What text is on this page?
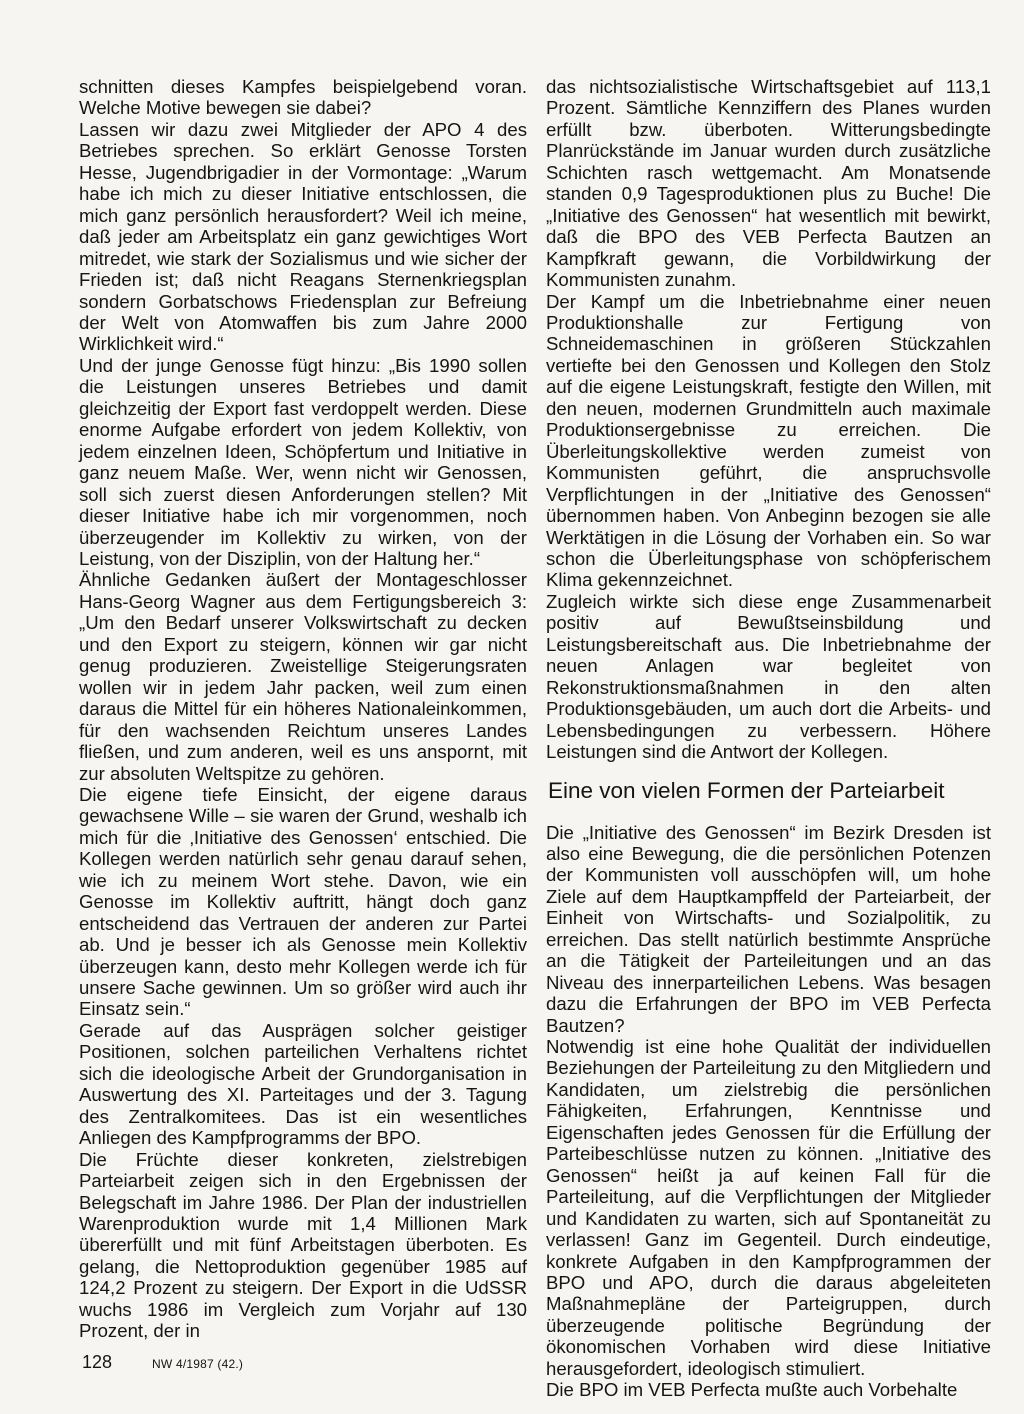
schnitten dieses Kampfes beispielgebend voran. Welche Motive bewegen sie dabei?

Lassen wir dazu zwei Mitglieder der APO 4 des Betriebes sprechen. So erklärt Genosse Torsten Hesse, Jugendbrigadier in der Vormontage: „Warum habe ich mich zu dieser Initiative entschlossen, die mich ganz persönlich herausfordert? Weil ich meine, daß jeder am Arbeitsplatz ein ganz gewichtiges Wort mitredet, wie stark der Sozialismus und wie sicher der Frieden ist; daß nicht Reagans Sternenkriegsplan sondern Gorbatschows Friedensplan zur Befreiung der Welt von Atomwaffen bis zum Jahre 2000 Wirklichkeit wird.“

Und der junge Genosse fügt hinzu: „Bis 1990 sollen die Leistungen unseres Betriebes und damit gleichzeitig der Export fast verdoppelt werden. Diese enorme Aufgabe erfordert von jedem Kollektiv, von jedem einzelnen Ideen, Schöpfertum und Initiative in ganz neuem Maße. Wer, wenn nicht wir Genossen, soll sich zuerst diesen Anforderungen stellen? Mit dieser Initiative habe ich mir vorgenommen, noch überzeugender im Kollektiv zu wirken, von der Leistung, von der Disziplin, von der Haltung her.“

Ähnliche Gedanken äußert der Montageschlosser Hans-Georg Wagner aus dem Fertigungsbereich 3: „Um den Bedarf unserer Volkswirtschaft zu decken und den Export zu steigern, können wir gar nicht genug produzieren. Zweistellige Steigerungsraten wollen wir in jedem Jahr packen, weil zum einen daraus die Mittel für ein höheres Nationaleinkommen, für den wachsenden Reichtum unseres Landes fließen, und zum anderen, weil es uns anspornt, mit zur absoluten Weltspitze zu gehören.

Die eigene tiefe Einsicht, der eigene daraus gewachsene Wille – sie waren der Grund, weshalb ich mich für die ‚Initiative des Genossen‘ entschied. Die Kollegen werden natürlich sehr genau darauf sehen, wie ich zu meinem Wort stehe. Davon, wie ein Genosse im Kollektiv auftritt, hängt doch ganz entscheidend das Vertrauen der anderen zur Partei ab. Und je besser ich als Genosse mein Kollektiv überzeugen kann, desto mehr Kollegen werde ich für unsere Sache gewinnen. Um so größer wird auch ihr Einsatz sein.“

Gerade auf das Ausprägen solcher geistiger Positionen, solchen parteilichen Verhaltens richtet sich die ideologische Arbeit der Grundorganisation in Auswertung des XI. Parteitages und der 3. Tagung des Zentralkomitees. Das ist ein wesentliches Anliegen des Kampfprogramms der BPO.

Die Früchte dieser konkreten, zielstrebigen Parteiarbeit zeigen sich in den Ergebnissen der Belegschaft im Jahre 1986. Der Plan der industriellen Warenproduktion wurde mit 1,4 Millionen Mark übererfüllt und mit fünf Arbeitstagen überboten. Es gelang, die Nettoproduktion gegenüber 1985 auf 124,2 Prozent zu steigern. Der Export in die UdSSR wuchs 1986 im Vergleich zum Vorjahr auf 130 Prozent, der in

das nichtsozialistische Wirtschaftsgebiet auf 113,1 Prozent. Sämtliche Kennziffern des Planes wurden erfüllt bzw. überboten. Witterungsbedingte Planrückstände im Januar wurden durch zusätzliche Schichten rasch wettgemacht. Am Monatsende standen 0,9 Tagesproduktionen plus zu Buche! Die „Initiative des Genossen“ hat wesentlich mit bewirkt, daß die BPO des VEB Perfecta Bautzen an Kampfkraft gewann, die Vorbildwirkung der Kommunisten zunahm.

Der Kampf um die Inbetriebnahme einer neuen Produktionshalle zur Fertigung von Schneidemaschinen in größeren Stückzahlen vertiefte bei den Genossen und Kollegen den Stolz auf die eigene Leistungskraft, festigte den Willen, mit den neuen, modernen Grundmitteln auch maximale Produktionsergebnisse zu erreichen. Die Überleitungskollektive werden zumeist von Kommunisten geführt, die anspruchsvolle Verpflichtungen in der „Initiative des Genossen“ übernommen haben. Von Anbeginn bezogen sie alle Werktätigen in die Lösung der Vorhaben ein. So war schon die Überleitungsphase von schöpferischem Klima gekennzeichnet.

Zugleich wirkte sich diese enge Zusammenarbeit positiv auf Bewußtseinsbildung und Leistungsbereitschaft aus. Die Inbetriebnahme der neuen Anlagen war begleitet von Rekonstruktionsmaßnahmen in den alten Produktionsgebäuden, um auch dort die Arbeits- und Lebensbedingungen zu verbessern. Höhere Leistungen sind die Antwort der Kollegen.

Eine von vielen Formen der Parteiarbeit

Die „Initiative des Genossen“ im Bezirk Dresden ist also eine Bewegung, die die persönlichen Potenzen der Kommunisten voll ausschöpfen will, um hohe Ziele auf dem Hauptkampffeld der Parteiarbeit, der Einheit von Wirtschafts- und Sozialpolitik, zu erreichen. Das stellt natürlich bestimmte Ansprüche an die Tätigkeit der Parteileitungen und an das Niveau des innerparteilichen Lebens. Was besagen dazu die Erfahrungen der BPO im VEB Perfecta Bautzen?

Notwendig ist eine hohe Qualität der individuellen Beziehungen der Parteileitung zu den Mitgliedern und Kandidaten, um zielstrebig die persönlichen Fähigkeiten, Erfahrungen, Kenntnisse und Eigenschaften jedes Genossen für die Erfüllung der Parteibeschlüsse nutzen zu können. „Initiative des Genossen“ heißt ja auf keinen Fall für die Parteileitung, auf die Verpflichtungen der Mitglieder und Kandidaten zu warten, sich auf Spontaneität zu verlassen! Ganz im Gegenteil. Durch eindeutige, konkrete Aufgaben in den Kampfprogrammen der BPO und APO, durch die daraus abgeleiteten Maßnahmepläne der Parteigruppen, durch überzeugende politische Begründung der ökonomischen Vorhaben wird diese Initiative herausgefordert, ideologisch stimuliert.

Die BPO im VEB Perfecta mußte auch Vorbehalte

128	NW 4/1987 (42.)
